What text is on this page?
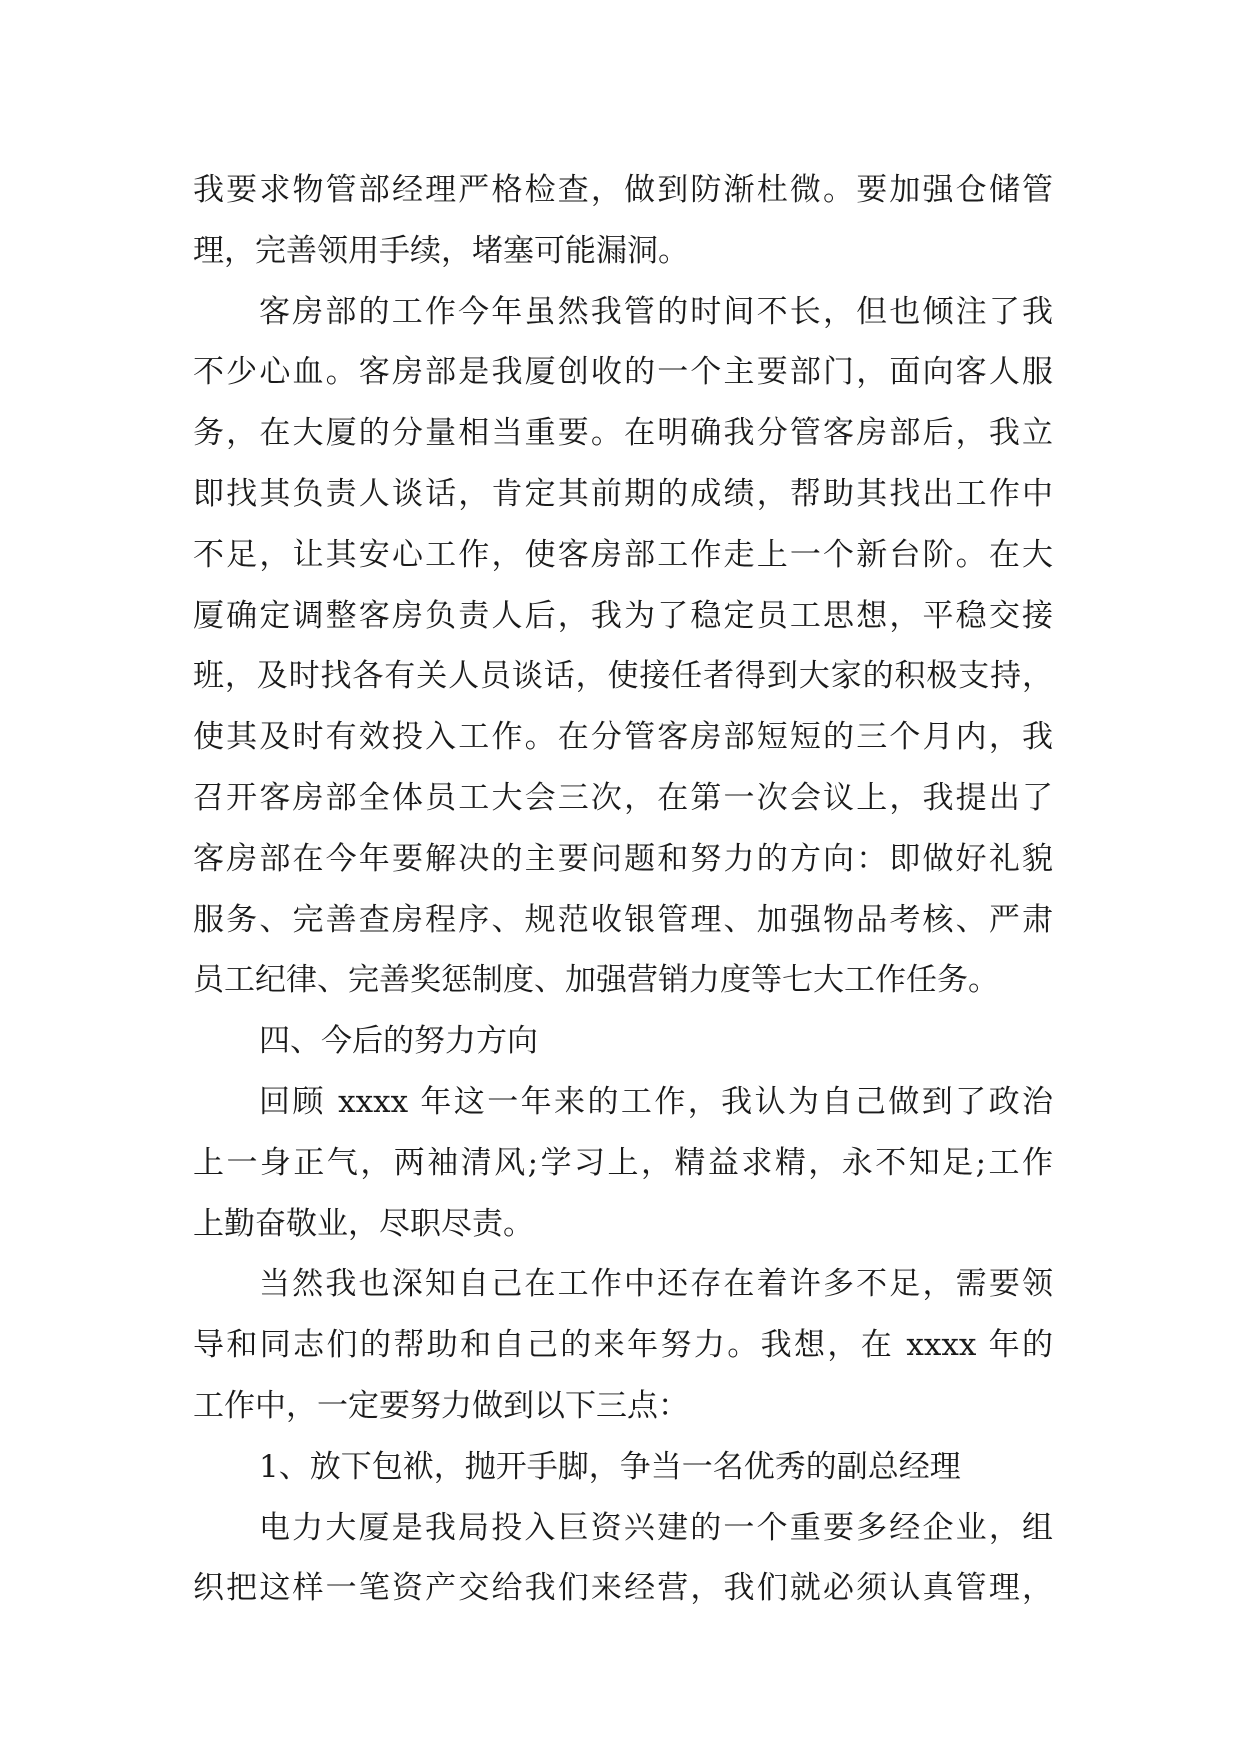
我要求物管部经理严格检查，做到防渐杜微。要加强仓储管
理，完善领用手续，堵塞可能漏洞。
客房部的工作今年虽然我管的时间不长，但也倾注了我
不少心血。客房部是我厦创收的一个主要部门，面向客人服
务，在大厦的分量相当重要。在明确我分管客房部后，我立
即找其负责人谈话，肯定其前期的成绩，帮助其找出工作中
不足，让其安心工作，使客房部工作走上一个新台阶。在大
厦确定调整客房负责人后，我为了稳定员工思想，平稳交接
班，及时找各有关人员谈话，使接任者得到大家的积极支持，
使其及时有效投入工作。在分管客房部短短的三个月内，我
召开客房部全体员工大会三次，在第一次会议上，我提出了
客房部在今年要解决的主要问题和努力的方向：即做好礼貌
服务、完善查房程序、规范收银管理、加强物品考核、严肃
员工纪律、完善奖惩制度、加强营销力度等七大工作任务。
四、今后的努力方向
回顾 xxxx 年这一年来的工作，我认为自己做到了政治
上一身正气，两袖清风;学习上，精益求精，永不知足;工作
上勤奋敬业，尽职尽责。
当然我也深知自己在工作中还存在着许多不足，需要领
导和同志们的帮助和自己的来年努力。我想，在 xxxx 年的
工作中，一定要努力做到以下三点：
1、放下包袱，抛开手脚，争当一名优秀的副总经理
电力大厦是我局投入巨资兴建的一个重要多经企业，组
织把这样一笔资产交给我们来经营，我们就必须认真管理，
